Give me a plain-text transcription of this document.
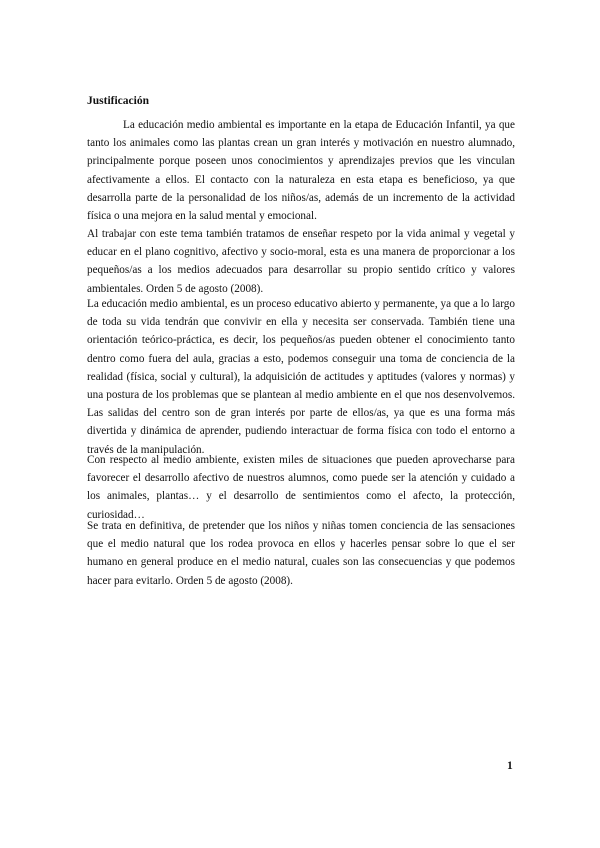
Justificación

La educación medio ambiental es importante en la etapa de Educación Infantil, ya que tanto los animales como las plantas crean un gran interés y motivación en nuestro alumnado, principalmente porque poseen unos conocimientos y aprendizajes previos que les vinculan afectivamente a ellos. El contacto con la naturaleza en esta etapa es beneficioso, ya que desarrolla parte de la personalidad de los niños/as, además de un incremento de la actividad física o una mejora en la salud mental y emocional.

Al trabajar con este tema también tratamos de enseñar respeto por la vida animal y vegetal y educar en el plano cognitivo, afectivo y socio-moral, esta es una manera de proporcionar a los pequeños/as a los medios adecuados para desarrollar su propio sentido crítico y valores ambientales. Orden 5 de agosto (2008).

La educación medio ambiental, es un proceso educativo abierto y permanente, ya que a lo largo de toda su vida tendrán que convivir en ella y necesita ser conservada. También tiene una orientación teórico-práctica, es decir, los pequeños/as pueden obtener el conocimiento tanto dentro como fuera del aula, gracias a esto, podemos conseguir una toma de conciencia de la realidad (física, social y cultural), la adquisición de actitudes y aptitudes (valores y normas) y una postura de los problemas que se plantean al medio ambiente en el que nos desenvolvemos. Las salidas del centro son de gran interés por parte de ellos/as, ya que es una forma más divertida y dinámica de aprender, pudiendo interactuar de forma física con todo el entorno a través de la manipulación.

Con respecto al medio ambiente, existen miles de situaciones que pueden aprovecharse para favorecer el desarrollo afectivo de nuestros alumnos, como puede ser la atención y cuidado a los animales, plantas… y el desarrollo de sentimientos como el afecto, la protección, curiosidad…

Se trata en definitiva, de pretender que los niños y niñas tomen conciencia de las sensaciones que el medio natural que los rodea provoca en ellos y hacerles pensar sobre lo que el ser humano en general produce en el medio natural, cuales son las consecuencias y que podemos hacer para evitarlo. Orden 5 de agosto (2008).

1
